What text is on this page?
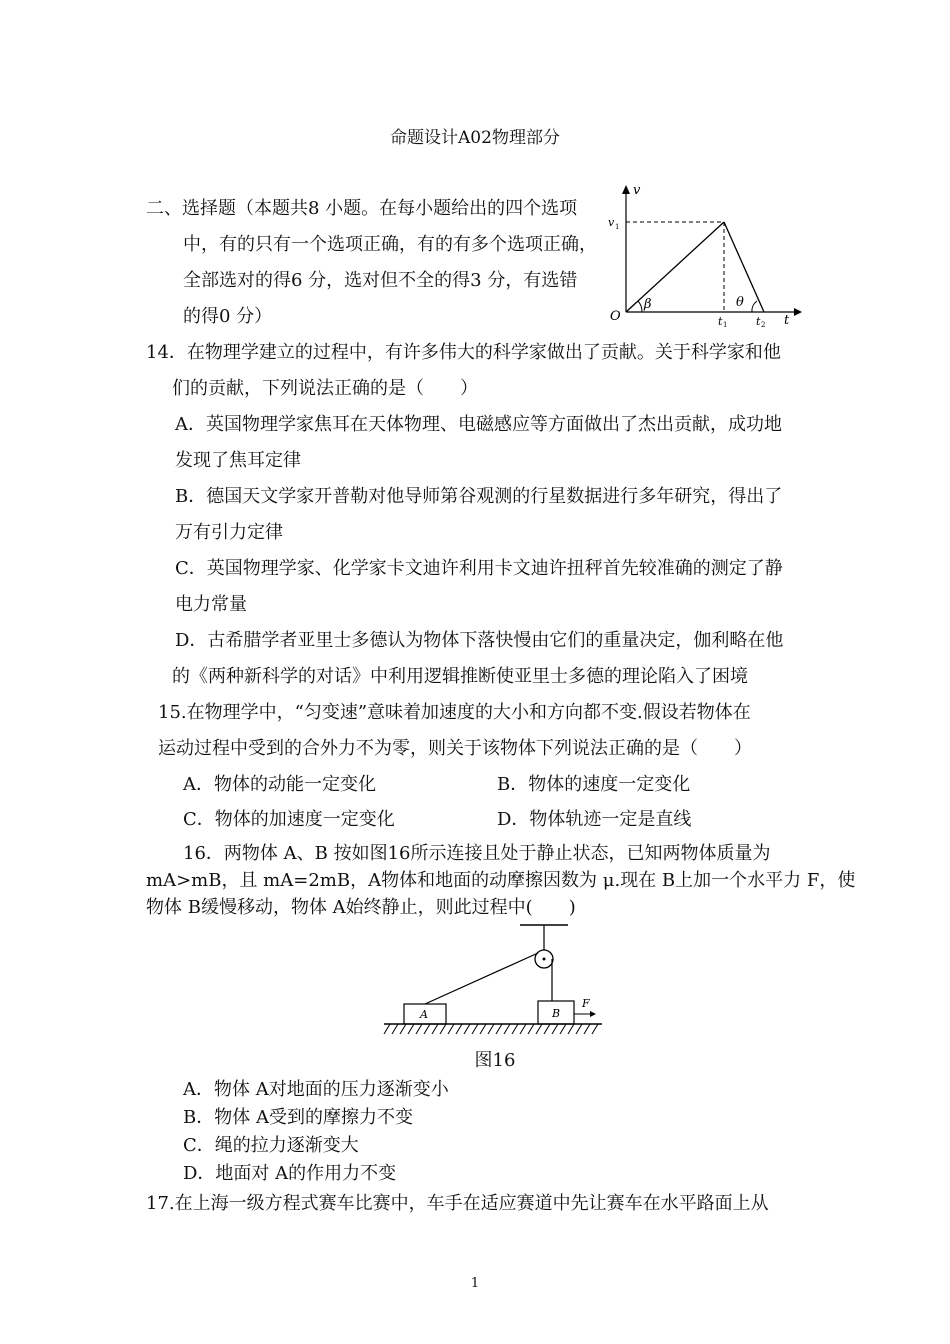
命题设计A02物理部分
二、选择题（本题共8 小题。在每小题给出的四个选项
中，有的只有一个选项正确，有的有多个选项正确，
全部选对的得6 分，选对但不全的得3 分，有选错
的得0 分）
v
v 1
O
β	θ
t 1	t 2 t
14．在物理学建立的过程中，有许多伟大的科学家做出了贡献。关于科学家和他
们的贡献，下列说法正确的是（　　）
A．英国物理学家焦耳在天体物理、电磁感应等方面做出了杰出贡献，成功地
发现了焦耳定律
B．德国天文学家开普勒对他导师第谷观测的行星数据进行多年研究，得出了
万有引力定律
C．英国物理学家、化学家卡文迪许利用卡文迪许扭秤首先较准确的测定了静
电力常量
D．古希腊学者亚里士多德认为物体下落快慢由它们的重量决定，伽利略在他
的《两种新科学的对话》中利用逻辑推断使亚里士多德的理论陷入了困境
15.在物理学中，“匀变速”意味着加速度的大小和方向都不变.假设若物体在
运动过程中受到的合外力不为零，则关于该物体下列说法正确的是（　　）
A．物体的动能一定变化	B．物体的速度一定变化
C．物体的加速度一定变化	D．物体轨迹一定是直线
16．两物体 A、B 按如图16所示连接且处于静止状态，已知两物体质量为
mA>mB，且 mA=2mB，A物体和地面的动摩擦因数为 μ.现在 B上加一个水平力 F，使
物体 B缓慢移动，物体 A始终静止，则此过程中(　　)
A	B
F
图16
A．物体 A对地面的压力逐渐变小
B．物体 A受到的摩擦力不变
C．绳的拉力逐渐变大
D．地面对 A的作用力不变
17.在上海一级方程式赛车比赛中，车手在适应赛道中先让赛车在水平路面上从
1
